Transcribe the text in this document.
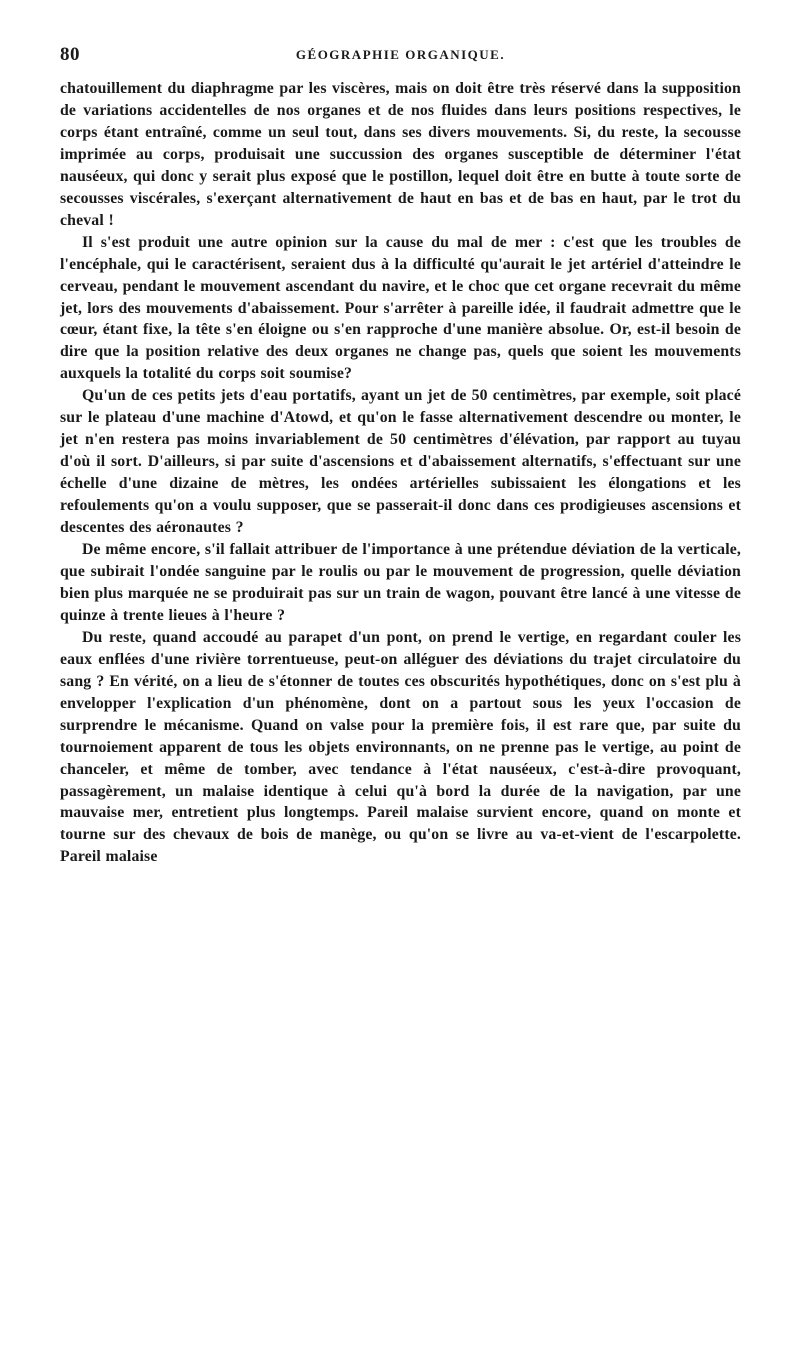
80	GÉOGRAPHIE ORGANIQUE.

chatouillement du diaphragme par les viscères, mais on doit être très réservé dans la supposition de variations accidentelles de nos organes et de nos fluides dans leurs positions respectives, le corps étant entraîné, comme un seul tout, dans ses divers mouvements. Si, du reste, la secousse imprimée au corps, produisait une succussion des organes susceptible de déterminer l'état nauséeux, qui donc y serait plus exposé que le postillon, lequel doit être en butte à toute sorte de secousses viscérales, s'exerçant alternativement de haut en bas et de bas en haut, par le trot du cheval !

Il s'est produit une autre opinion sur la cause du mal de mer : c'est que les troubles de l'encéphale, qui le caractérisent, seraient dus à la difficulté qu'aurait le jet artériel d'atteindre le cerveau, pendant le mouvement ascendant du navire, et le choc que cet organe recevrait du même jet, lors des mouvements d'abaissement. Pour s'arrêter à pareille idée, il faudrait admettre que le cœur, étant fixe, la tête s'en éloigne ou s'en rapproche d'une manière absolue. Or, est-il besoin de dire que la position relative des deux organes ne change pas, quels que soient les mouvements auxquels la totalité du corps soit soumise?

Qu'un de ces petits jets d'eau portatifs, ayant un jet de 50 centimètres, par exemple, soit placé sur le plateau d'une machine d'Atowd, et qu'on le fasse alternativement descendre ou monter, le jet n'en restera pas moins invariablement de 50 centimètres d'élévation, par rapport au tuyau d'où il sort. D'ailleurs, si par suite d'ascensions et d'abaissement alternatifs, s'effectuant sur une échelle d'une dizaine de mètres, les ondées artérielles subissaient les élongations et les refoulements qu'on a voulu supposer, que se passerait-il donc dans ces prodigieuses ascensions et descentes des aéronautes ?

De même encore, s'il fallait attribuer de l'importance à une prétendue déviation de la verticale, que subirait l'ondée sanguine par le roulis ou par le mouvement de progression, quelle déviation bien plus marquée ne se produirait pas sur un train de wagon, pouvant être lancé à une vitesse de quinze à trente lieues à l'heure ?

Du reste, quand accoudé au parapet d'un pont, on prend le vertige, en regardant couler les eaux enflées d'une rivière torrentueuse, peut-on alléguer des déviations du trajet circulatoire du sang ? En vérité, on a lieu de s'étonner de toutes ces obscurités hypothétiques, donc on s'est plu à envelopper l'explication d'un phénomène, dont on a partout sous les yeux l'occasion de surprendre le mécanisme. Quand on valse pour la première fois, il est rare que, par suite du tournoiement apparent de tous les objets environnants, on ne prenne pas le vertige, au point de chanceler, et même de tomber, avec tendance à l'état nauséeux, c'est-à-dire provoquant, passagèrement, un malaise identique à celui qu'à bord la durée de la navigation, par une mauvaise mer, entretient plus longtemps. Pareil malaise survient encore, quand on monte et tourne sur des chevaux de bois de manège, ou qu'on se livre au va-et-vient de l'escarpolette. Pareil malaise
